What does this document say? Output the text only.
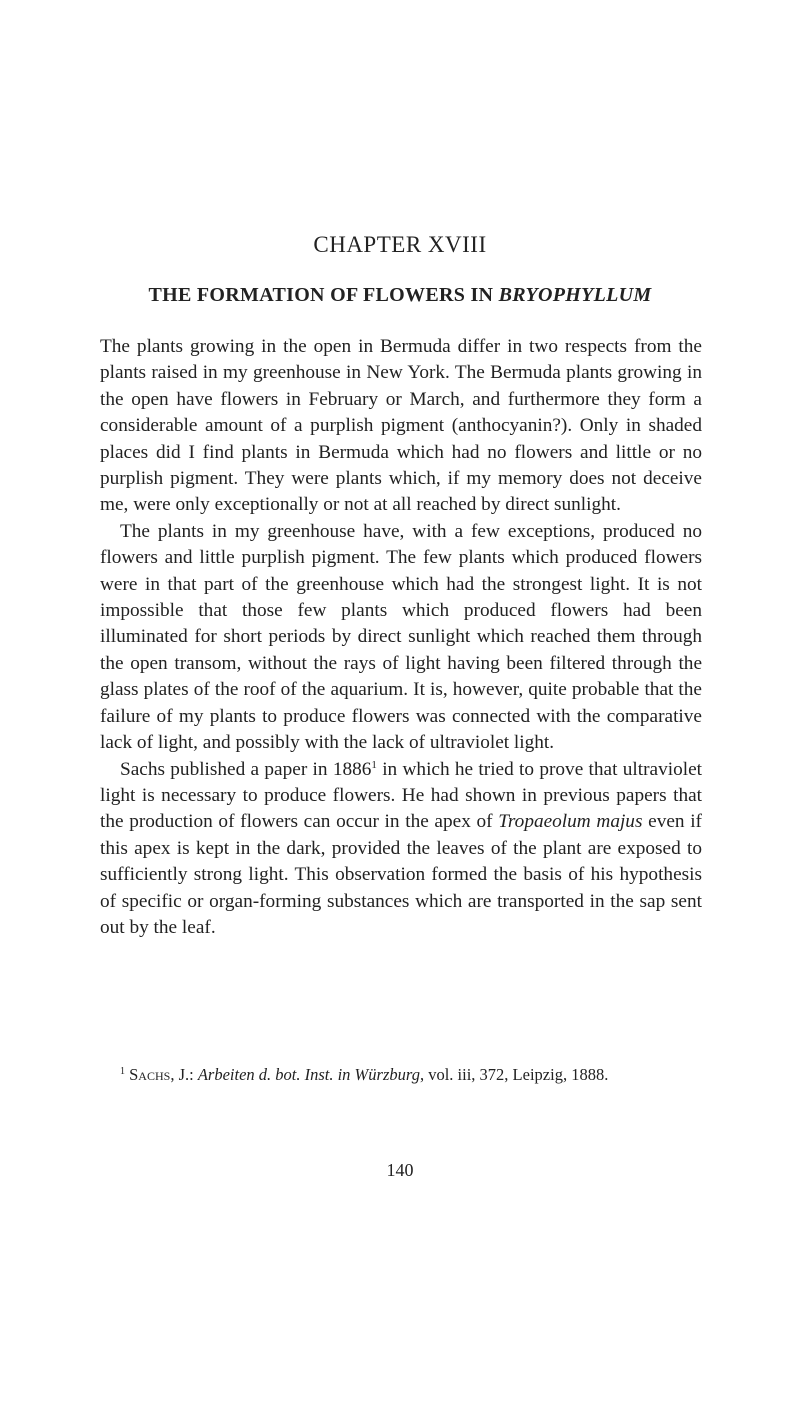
CHAPTER XVIII
THE FORMATION OF FLOWERS IN BRYOPHYLLUM

The plants growing in the open in Bermuda differ in two respects from the plants raised in my greenhouse in New York. The Bermuda plants growing in the open have flowers in February or March, and furthermore they form a considerable amount of a purplish pigment (anthocyanin?). Only in shaded places did I find plants in Bermuda which had no flowers and little or no purplish pigment. They were plants which, if my memory does not deceive me, were only exceptionally or not at all reached by direct sunlight.

The plants in my greenhouse have, with a few exceptions, produced no flowers and little purplish pigment. The few plants which produced flowers were in that part of the greenhouse which had the strongest light. It is not impossible that those few plants which produced flowers had been illuminated for short periods by direct sunlight which reached them through the open transom, without the rays of light having been filtered through the glass plates of the roof of the aquarium. It is, however, quite probable that the failure of my plants to produce flowers was connected with the comparative lack of light, and possibly with the lack of ultraviolet light.

Sachs published a paper in 1886$^1$ in which he tried to prove that ultraviolet light is necessary to produce flowers. He had shown in previous papers that the production of flowers can occur in the apex of Tropaeolum majus even if this apex is kept in the dark, provided the leaves of the plant are exposed to sufficiently strong light. This observation formed the basis of his hypothesis of specific or organ-forming substances which are transported in the sap sent out by the leaf.

$^1$ Sachs, J.: Arbeiten d. bot. Inst. in Würzburg, vol. iii, 372, Leipzig, 1888.
140
